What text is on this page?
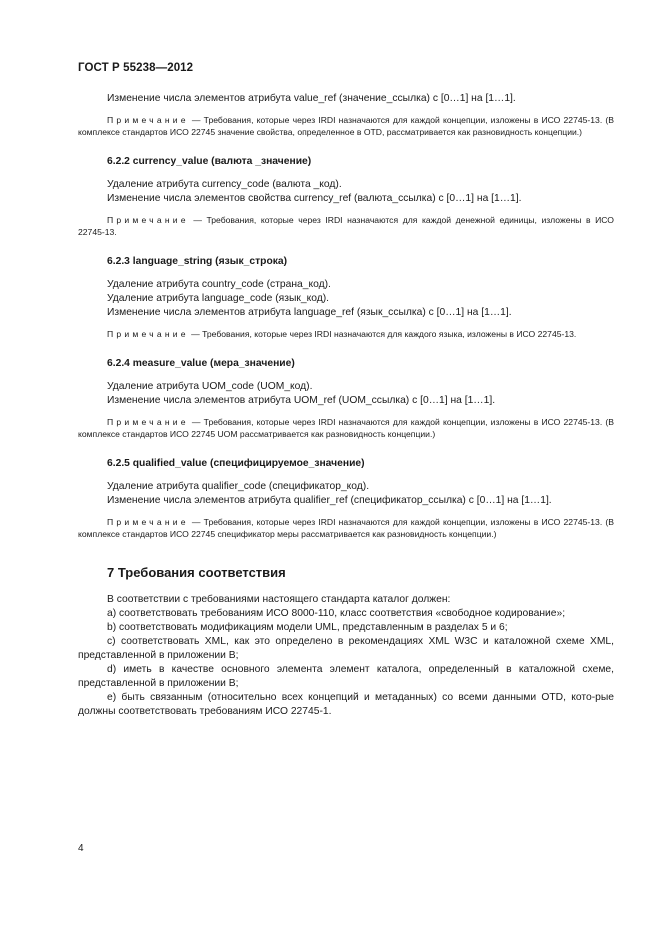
ГОСТ Р 55238—2012

Изменение числа элементов атрибута value_ref (значение_ссылка) с [0…1] на [1…1].

Примечание — Требования, которые через IRDI назначаются для каждой концепции, изложены в ИСО 22745-13. (В комплексе стандартов ИСО 22745 значение свойства, определенное в OTD, рассматривается как разновидность концепции.)

6.2.2 currency_value (валюта _значение)

Удаление атрибута currency_code (валюта _код).

Изменение числа элементов свойства currency_ref (валюта_ссылка) с [0…1] на [1…1].

Примечание — Требования, которые через IRDI назначаются для каждой денежной единицы, изложены в ИСО 22745-13.

6.2.3 language_string (язык_строка)

Удаление атрибута country_code (страна_код).

Удаление атрибута language_code (язык_код).

Изменение числа элементов атрибута language_ref (язык_ссылка) с [0…1] на [1…1].

Примечание — Требования, которые через IRDI назначаются для каждого языка, изложены в ИСО 22745-13.

6.2.4 measure_value (мера_значение)

Удаление атрибута UOM_code (UOM_код).

Изменение числа элементов атрибута UOM_ref (UOM_ссылка) с [0…1] на [1…1].

Примечание — Требования, которые через IRDI назначаются для каждой концепции, изложены в ИСО 22745-13. (В комплексе стандартов ИСО 22745 UOM рассматривается как разновидность концепции.)

6.2.5 qualified_value (специфицируемое_значение)

Удаление атрибута qualifier_code (спецификатор_код).

Изменение числа элементов атрибута qualifier_ref (спецификатор_ссылка) с [0…1] на [1…1].

Примечание — Требования, которые через IRDI назначаются для каждой концепции, изложены в ИСО 22745-13. (В комплексе стандартов ИСО 22745 спецификатор меры рассматривается как разновидность концепции.)

7 Требования соответствия

В соответствии с требованиями настоящего стандарта каталог должен:

a) соответствовать требованиям ИСО 8000-110, класс соответствия «свободное кодирование»;

b) соответствовать модификациям модели UML, представленным в разделах 5 и 6;

c) соответствовать XML, как это определено в рекомендациях XML W3C и каталожной схеме XML, представленной в приложении В;

d) иметь в качестве основного элемента элемент каталога, определенный в каталожной схеме, представленной в приложении В;

e) быть связанным (относительно всех концепций и метаданных) со всеми данными OTD, кото-рые должны соответствовать требованиям ИСО 22745-1.

4
